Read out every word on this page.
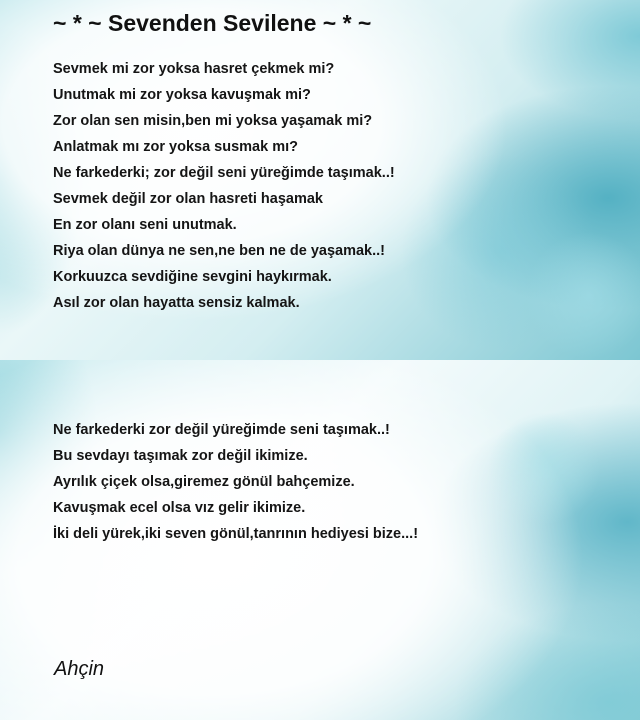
~ * ~ Sevenden Sevilene ~ * ~
Sevmek mi zor yoksa hasret çekmek mi?
Unutmak mi zor yoksa kavuşmak mi?
Zor olan sen misin,ben mi yoksa yaşamak mi?
Anlatmak mı zor yoksa susmak mı?
Ne farkederki; zor değil seni yüreğimde taşımak..!
Sevmek değil zor olan hasreti haşamak
En zor olanı seni unutmak.
Riya olan dünya ne sen,ne ben ne de yaşamak..!
Korkuuzca sevdiğine sevgini haykırmak.
Asıl zor olan hayatta sensiz kalmak.
Ne farkederki zor değil yüreğimde seni taşımak..!
Bu sevdayı taşımak zor değil ikimize.
Ayrılık çiçek olsa,giremez gönül bahçemize.
Kavuşmak ecel olsa vız gelir ikimize.
İki deli yürek,iki seven gönül,tanrının hediyesi bize...!
Ahçin
